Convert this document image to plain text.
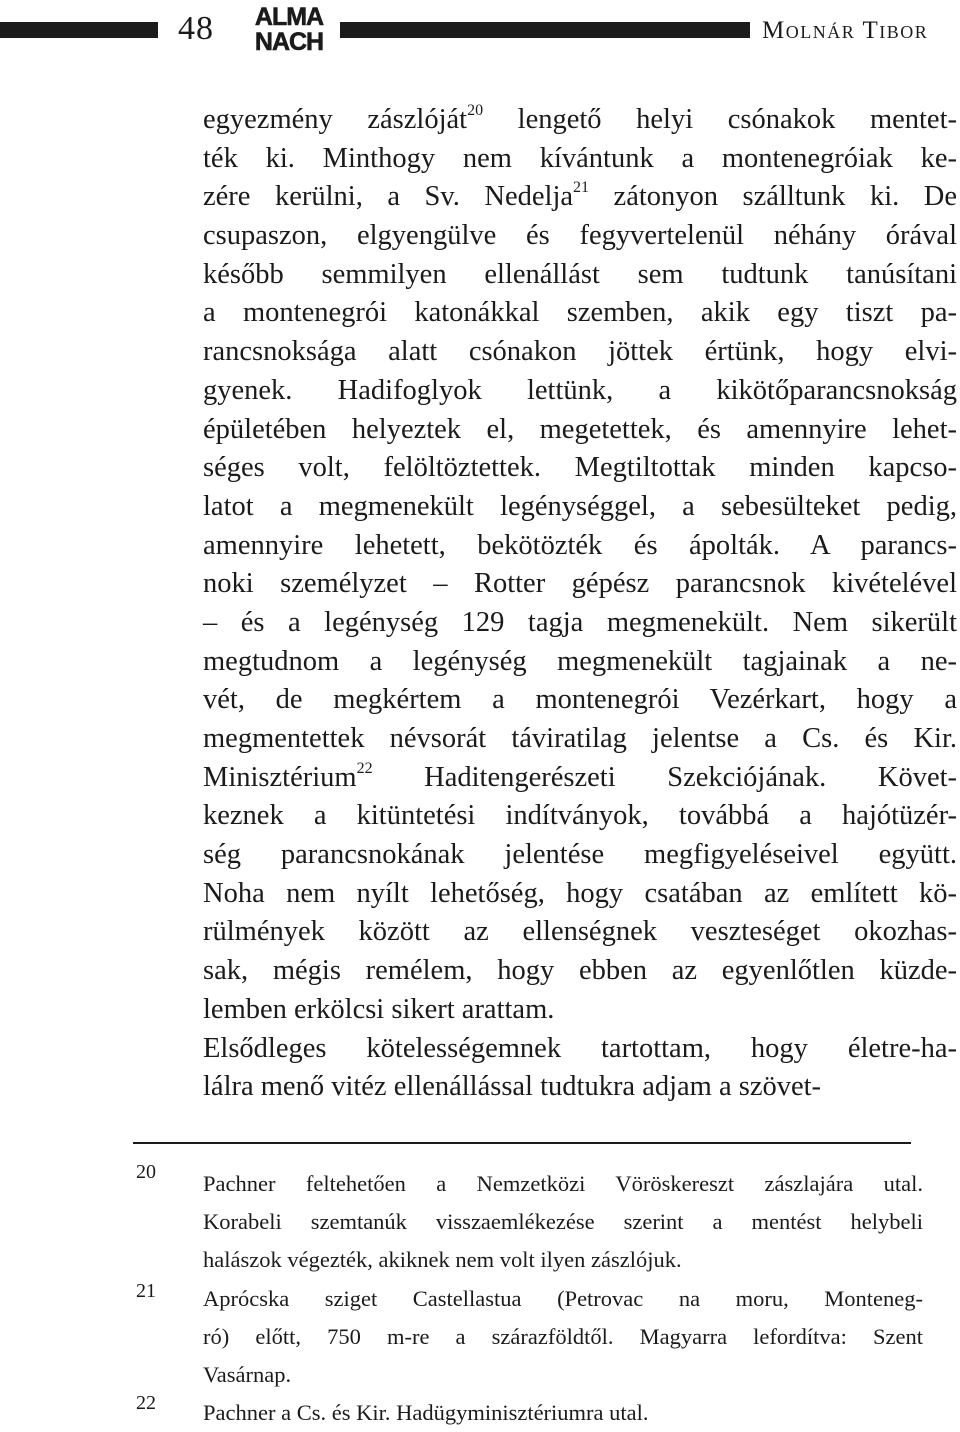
48 ALMA
NACH	Molnár Tibor
egyezmény zászlóját$^{20}$ lengető helyi csónakok mentet-
ték ki. Minthogy nem kívántunk a montenegróiak ke-
zére kerülni, a Sv. Nedelja$^{21}$ zátonyon szálltunk ki. De
csupaszon, elgyengülve és fegyvertelenül néhány órával
később semmilyen ellenállást sem tudtunk tanúsítani
a montenegrói katonákkal szemben, akik egy tiszt pa-
rancsnoksága alatt csónakon jöttek értünk, hogy elvi-
gyenek. Hadifoglyok lettünk, a kikötőparancsnokság
épületében helyeztek el, megetettek, és amennyire lehet-
séges volt, felöltöztettek. Megtiltottak minden kapcso-
latot a megmenekült legénységgel, a sebesülteket pedig,
amennyire lehetett, bekötözték és ápolták. A parancs-
noki személyzet – Rotter gépész parancsnok kivételével
– és a legénység 129 tagja megmenekült. Nem sikerült
megtudnom a legénység megmenekült tagjainak a ne-
vét, de megkértem a montenegrói Vezérkart, hogy a
megmentettek névsorát táviratilag jelentse a Cs. és Kir.
Minisztérium$^{22}$ Haditengerészeti Szekciójának. Követ-
keznek a kitüntetési indítványok, továbbá a hajótüzér-
ség parancsnokának jelentése megfigyeléseivel együtt.
Noha nem nyílt lehetőség, hogy csatában az említett kö-
rülmények között az ellenségnek veszteséget okozhas-
sak, mégis remélem, hogy ebben az egyenlőtlen küzde-
lemben erkölcsi sikert arattam.
Elsődleges kötelességemnek tartottam, hogy életre-ha-
lálra menő vitéz ellenállással tudtukra adjam a szövet-
20 Pachner feltehetően a Nemzetközi Vöröskereszt zászlajára utal.
Korabeli szemtanúk visszaemlékezése szerint a mentést helybeli
halászok végezték, akiknek nem volt ilyen zászlójuk.
21 Aprócska sziget Castellastua (Petrovac na moru, Monteneg-
ró) előtt, 750 m-re a szárazföldtől. Magyarra lefordítva: Szent
Vasárnap.
22 Pachner a Cs. és Kir. Hadügyminisztériumra utal.
